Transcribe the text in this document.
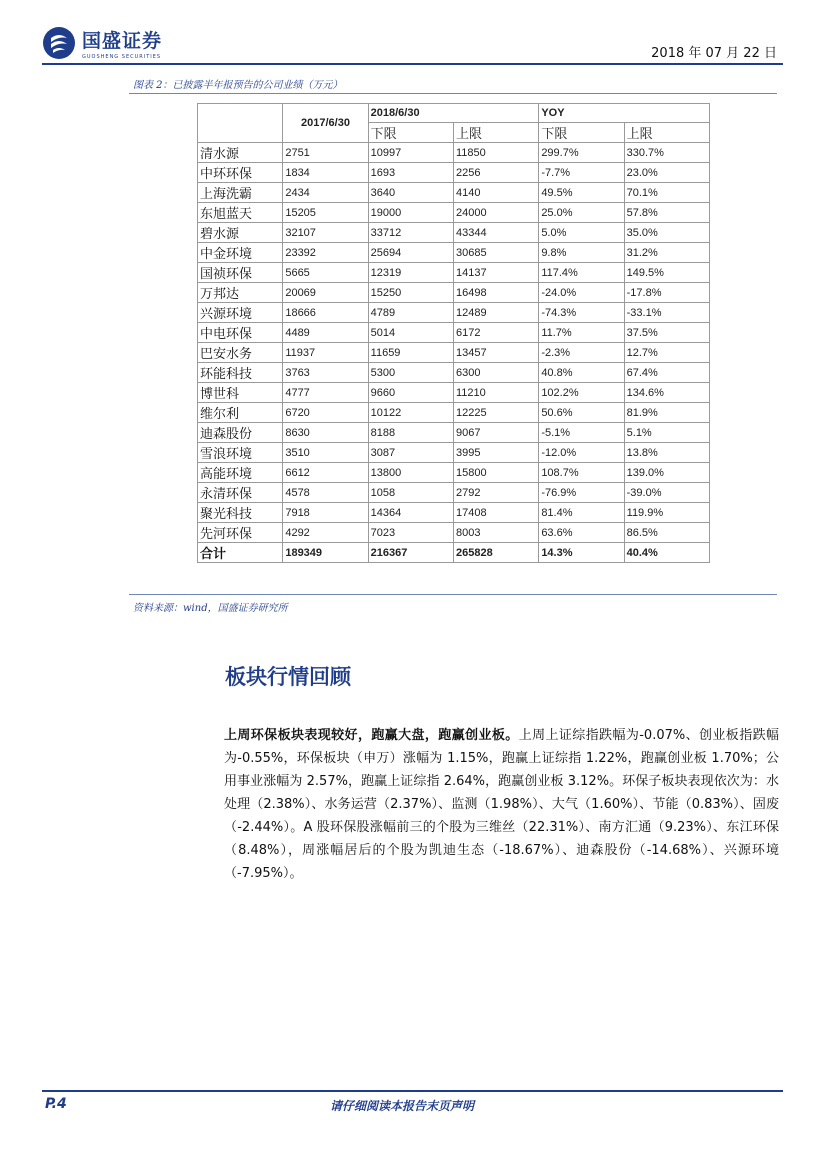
国盛证券
GUOSHENG SECURITIES	2018 年 07 月 22 日
图表 2：已披露半年报预告的公司业绩（万元）
	2017/6/30	2018/6/30		YOY	
		下限	上限	下限	上限
清水源	2751	10997	11850	299.7%	330.7%
中环环保	1834	1693	2256	-7.7%	23.0%
上海洗霸	2434	3640	4140	49.5%	70.1%
东旭蓝天	15205	19000	24000	25.0%	57.8%
碧水源	32107	33712	43344	5.0%	35.0%
中金环境	23392	25694	30685	9.8%	31.2%
国祯环保	5665	12319	14137	117.4%	149.5%
万邦达	20069	15250	16498	-24.0%	-17.8%
兴源环境	18666	4789	12489	-74.3%	-33.1%
中电环保	4489	5014	6172	11.7%	37.5%
巴安水务	11937	11659	13457	-2.3%	12.7%
环能科技	3763	5300	6300	40.8%	67.4%
博世科	4777	9660	11210	102.2%	134.6%
维尔利	6720	10122	12225	50.6%	81.9%
迪森股份	8630	8188	9067	-5.1%	5.1%
雪浪环境	3510	3087	3995	-12.0%	13.8%
高能环境	6612	13800	15800	108.7%	139.0%
永清环保	4578	1058	2792	-76.9%	-39.0%
聚光科技	7918	14364	17408	81.4%	119.9%
先河环保	4292	7023	8003	63.6%	86.5%
合计	189349	216367	265828	14.3%	40.4%
资料来源：wind，国盛证券研究所
板块行情回顾
上周环保板块表现较好，跑赢大盘，跑赢创业板。上周上证综指跌幅为-0.07%、创业板指跌幅为-0.55%，环保板块（申万）涨幅为 1.15%，跑赢上证综指 1.22%，跑赢创业板 1.70%；公用事业涨幅为 2.57%，跑赢上证综指 2.64%，跑赢创业板 3.12%。环保子板块表现依次为：水处理（2.38%）、水务运营（2.37%）、监测（1.98%）、大气（1.60%）、节能（0.83%）、固废（-2.44%）。A 股环保股涨幅前三的个股为三维丝（22.31%）、南方汇通（9.23%）、东江环保（8.48%），周涨幅居后的个股为凯迪生态（-18.67%）、迪森股份（-14.68%）、兴源环境（-7.95%）。
P.4	请仔细阅读本报告末页声明
